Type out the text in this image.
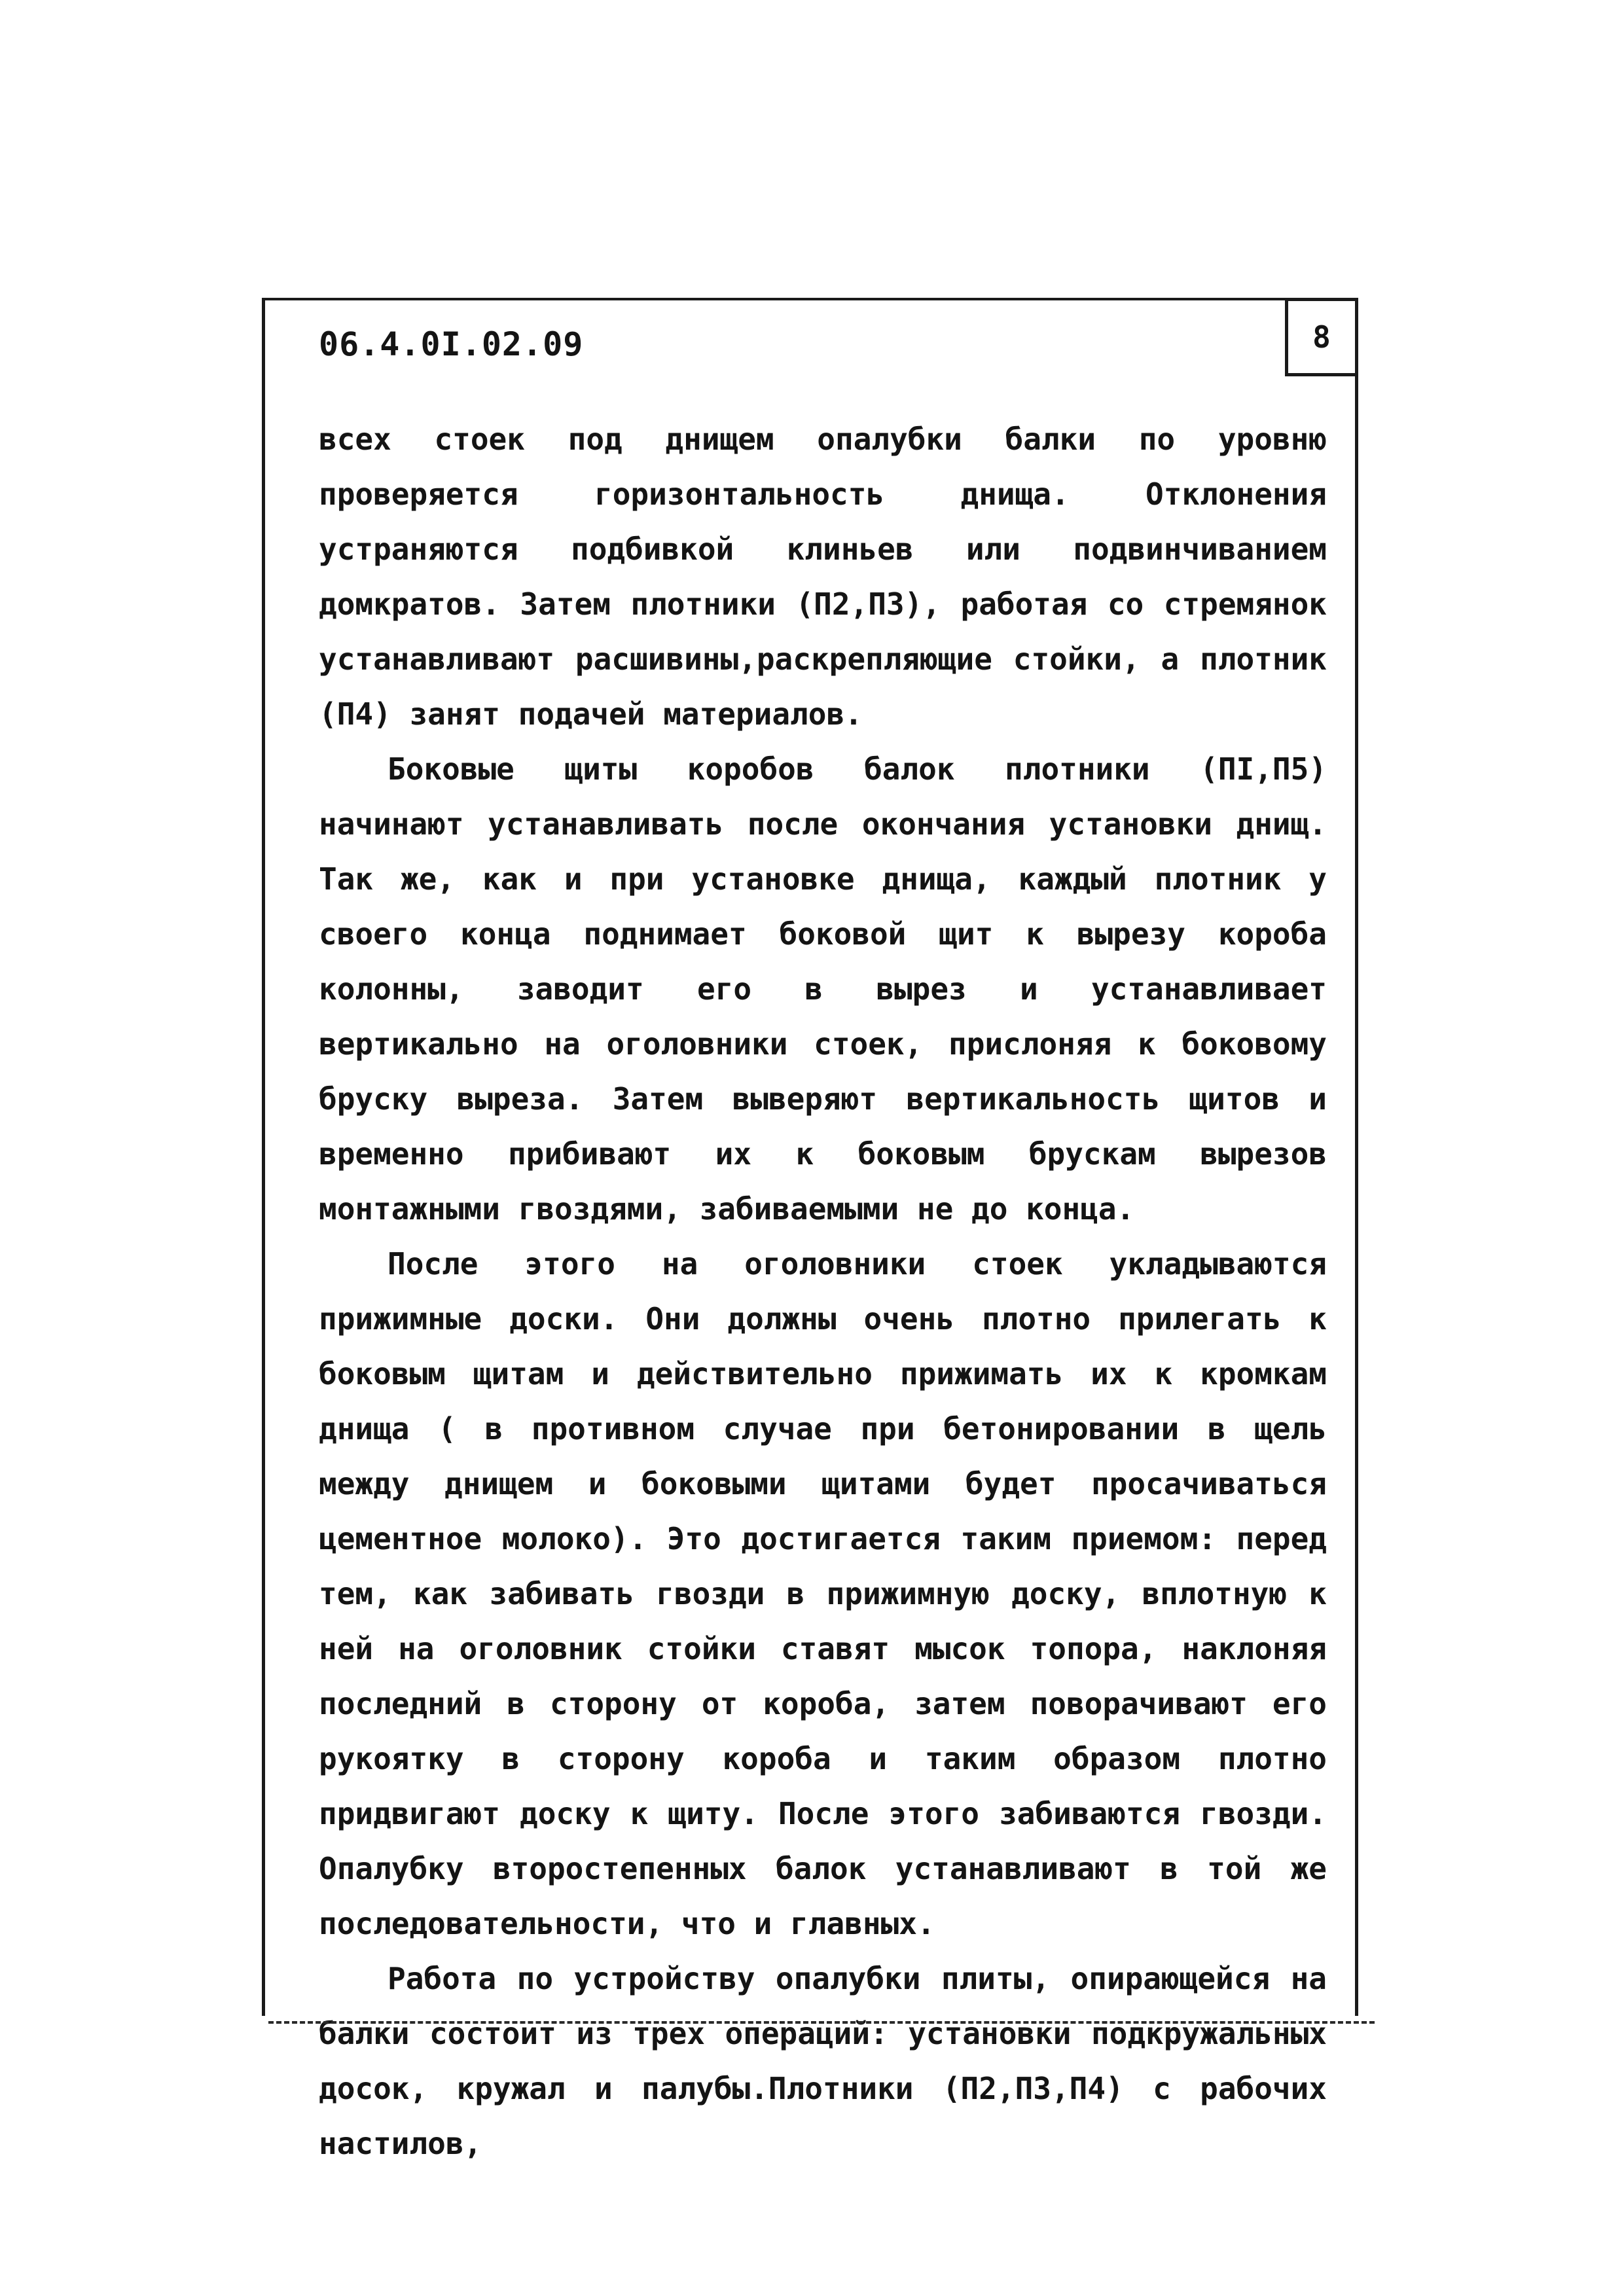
06.4.0I.02.09	8

всех стоек под днищем опалубки балки по уровню проверяется горизонтальность днища. Отклонения устраняются подбивкой клиньев или подвинчиванием домкратов. Затем плотники (П2,П3), работая со стремянок устанавливают расшивины,раскрепляющие стойки, а плотник (П4) занят подачей материалов.

Боковые щиты коробов балок плотники (ПI,П5) начинают устанавливать после окончания установки днищ. Так же, как и при установке днища, каждый плотник у своего конца поднимает боковой щит к вырезу короба колонны, заводит его в вырез и устанавливает вертикально на оголовники стоек, прислоняя к боковому бруску выреза. Затем выверяют вертикальность щитов и временно прибивают их к боковым брускам вырезов монтажными гвоздями, забиваемыми не до конца.

После этого на оголовники стоек укладываются прижимные доски. Они должны очень плотно прилегать к боковым щитам и действительно прижимать их к кромкам днища ( в противном случае при бетонировании в щель между днищем и боковыми щитами будет просачиваться цементное молоко). Это достигается таким приемом: перед тем, как забивать гвозди в прижимную доску, вплотную к ней на оголовник стойки ставят мысок топора, наклоняя последний в сторону от короба, затем поворачивают его рукоятку в сторону короба и таким образом плотно придвигают доску к щиту. После этого забиваются гвозди. Опалубку второстепенных балок устанавливают в той же последовательности, что и главных.

Работа по устройству опалубки плиты, опирающейся на балки состоит из трех операций: установки подкружальных досок, кружал и палубы.Плотники (П2,П3,П4) с рабочих настилов,
